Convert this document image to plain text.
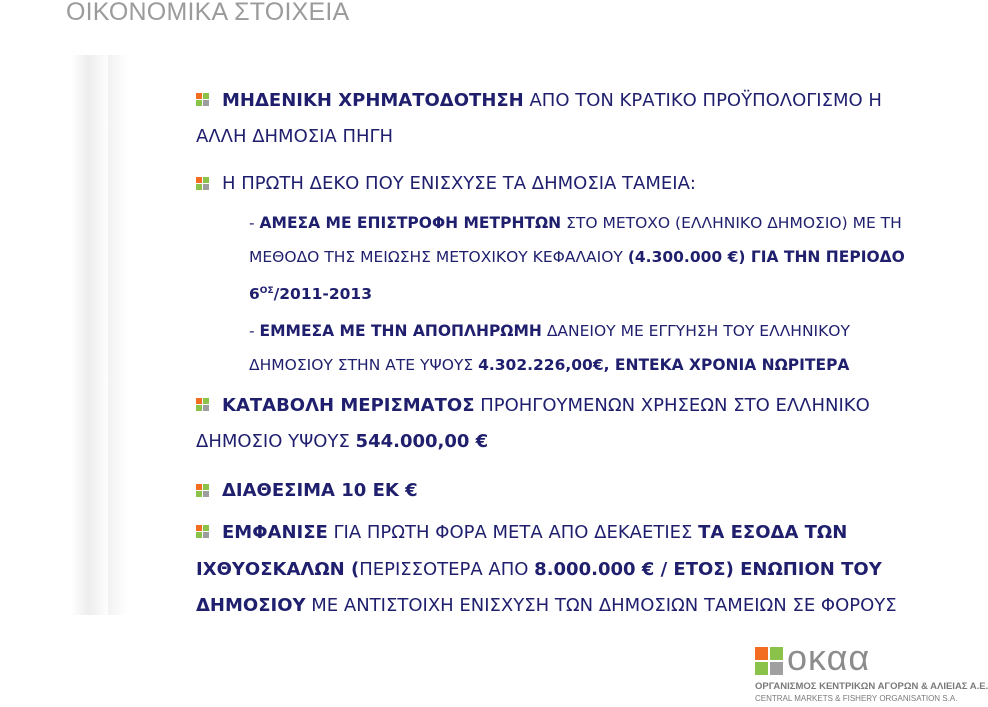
ΟΙΚΟΝΟΜΙΚΑ ΣΤΟΙΧΕΙΑ
ΜΗΔΕΝΙΚΗ ΧΡΗΜΑΤΟΔΟΤΗΣΗ ΑΠΟ ΤΟΝ ΚΡΑΤΙΚΟ ΠΡΟΫΠΟΛΟΓΙΣΜΟ Η
ΑΛΛΗ ΔΗΜΟΣΙΑ ΠΗΓΗ
Η ΠΡΩΤΗ ΔΕΚΟ ΠΟΥ ΕΝΙΣΧΥΣΕ ΤΑ ΔΗΜΟΣΙΑ ΤΑΜΕΙΑ:
- ΑΜΕΣΑ ΜΕ ΕΠΙΣΤΡΟΦΗ ΜΕΤΡΗΤΩΝ ΣΤΟ ΜΕΤΟΧΟ (ΕΛΛΗΝΙΚΟ ΔΗΜΟΣΙΟ) ΜΕ ΤΗ
ΜΕΘΟΔΟ ΤΗΣ ΜΕΙΩΣΗΣ ΜΕΤΟΧΙΚΟΥ ΚΕΦΑΛΑΙΟΥ (4.300.000 €) ΓΙΑ ΤΗΝ ΠΕΡΙΟΔΟ
$6^{O\Sigma}/2011-2013$
- ΕΜΜΕΣΑ ΜΕ ΤΗΝ ΑΠΟΠΛΗΡΩΜΗ ΔΑΝΕΙΟΥ ΜΕ ΕΓΓΥΗΣΗ ΤΟΥ ΕΛΛΗΝΙΚΟΥ
ΔΗΜΟΣΙΟΥ ΣΤΗΝ ΑΤΕ ΥΨΟΥΣ 4.302.226,00€, ΕΝΤΕΚΑ ΧΡΟΝΙΑ ΝΩΡΙΤΕΡΑ
ΚΑΤΑΒΟΛΗ ΜΕΡΙΣΜΑΤΟΣ ΠΡΟΗΓΟΥΜΕΝΩΝ ΧΡΗΣΕΩΝ ΣΤΟ ΕΛΛΗΝΙΚΟ
ΔΗΜΟΣΙΟ ΥΨΟΥΣ 544.000,00 €
ΔΙΑΘΕΣΙΜΑ 10 ΕΚ €
ΕΜΦΑΝΙΣΕ ΓΙΑ ΠΡΩΤΗ ΦΟΡΑ ΜΕΤΑ ΑΠΟ ΔΕΚΑΕΤΙΕΣ ΤΑ ΕΣΟΔΑ ΤΩΝ
ΙΧΘΥΟΣΚΑΛΩΝ (ΠΕΡΙΣΣΟΤΕΡΑ ΑΠΟ 8.000.000 € / ΕΤΟΣ) ΕΝΩΠΙΟΝ ΤΟΥ
ΔΗΜΟΣΙΟΥ ΜΕ ΑΝΤΙΣΤΟΙΧΗ ΕΝΙΣΧΥΣΗ ΤΩΝ ΔΗΜΟΣΙΩΝ ΤΑΜΕΙΩΝ ΣΕ ΦΟΡΟΥΣ
οκαα
ΟΡΓΑΝΙΣΜΟΣ ΚΕΝΤΡΙΚΩΝ ΑΓΟΡΩΝ & ΑΛΙΕΙΑΣ Α.Ε.
CENTRAL MARKETS & FISHERY ORGANISATION S.A.
